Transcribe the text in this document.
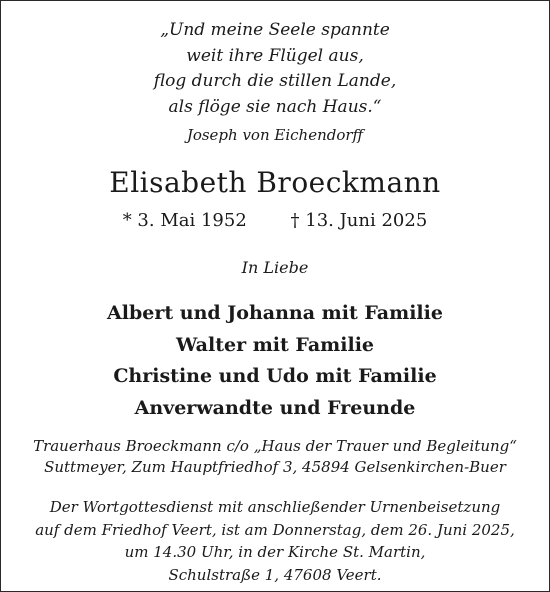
„Und meine Seele spannte
weit ihre Flügel aus,
flog durch die stillen Lande,
als flöge sie nach Haus.“
Joseph von Eichendorff
Elisabeth Broeckmann
* 3. Mai 1952 † 13. Juni 2025
In Liebe
Albert und Johanna mit Familie
Walter mit Familie
Christine und Udo mit Familie
Anverwandte und Freunde
Trauerhaus Broeckmann c/o „Haus der Trauer und Begleitung“
Suttmeyer, Zum Hauptfriedhof 3, 45894 Gelsenkirchen-Buer
Der Wortgottesdienst mit anschließender Urnenbeisetzung
auf dem Friedhof Veert, ist am Donnerstag, dem 26. Juni 2025,
um 14.30 Uhr, in der Kirche St. Martin,
Schulstraße 1, 47608 Veert.
